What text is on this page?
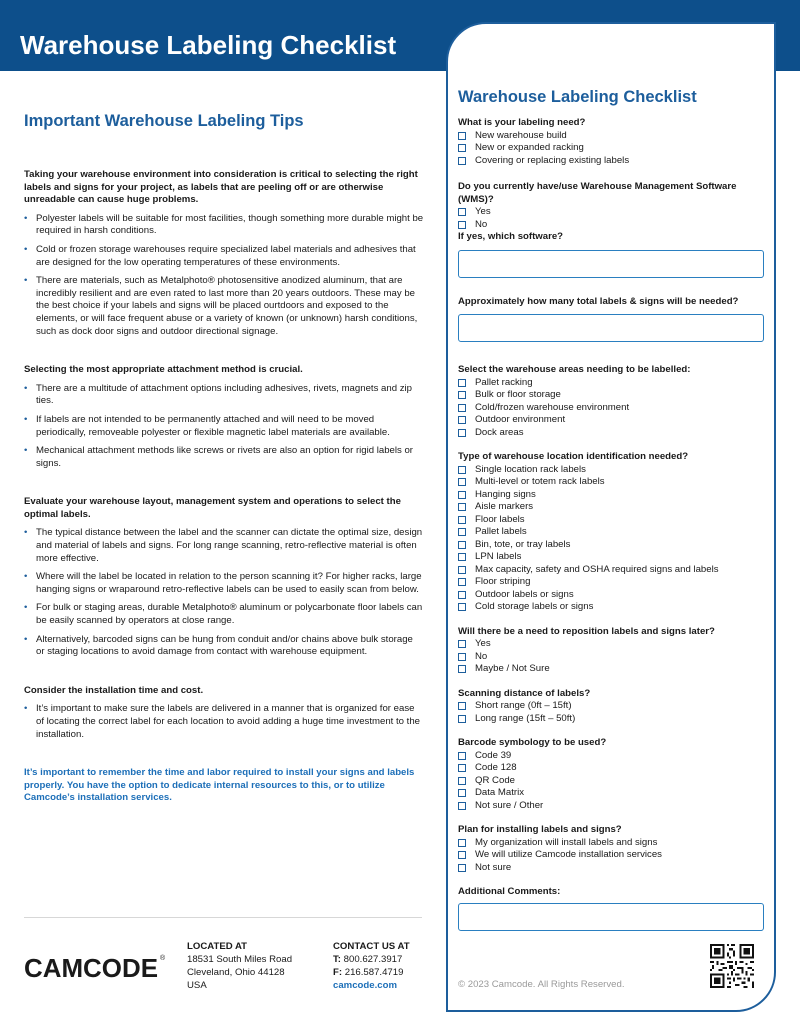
Warehouse Labeling Checklist	Created by: CAMCODE ®
Important Warehouse Labeling Tips
Taking your warehouse environment into consideration is critical to selecting the right labels and signs for your project, as labels that are peeling off or are otherwise unreadable can cause huge problems.
• Polyester labels will be suitable for most facilities, though something more durable might be required in harsh conditions.
• Cold or frozen storage warehouses require specialized label materials and adhesives that are designed for the low operating temperatures of these environments.
• There are materials, such as Metalphoto® photosensitive anodized aluminum, that are incredibly resilient and are even rated to last more than 20 years outdoors. These may be the best choice if your labels and signs will be placed ourtdoors and exposed to the elements, or will face frequent abuse or a variety of known (or unknown) harsh conditions, such as dock door signs and outdoor directional signage.
Selecting the most appropriate attachment method is crucial.
• There are a multitude of attachment options including adhesives, rivets, magnets and zip ties.
• If labels are not intended to be permanently attached and will need to be moved periodically, removeable polyester or flexible magnetic label materials are available.
• Mechanical attachment methods like screws or rivets are also an option for rigid labels or signs.
Evaluate your warehouse layout, management system and operations to select the optimal labels.
• The typical distance between the label and the scanner can dictate the optimal size, design and material of labels and signs. For long range scanning, retro-reflective material is often more effective.
• Where will the label be located in relation to the person scanning it? For higher racks, large hanging signs or wraparound retro-reflective labels can be used to easily scan from below.
• For bulk or staging areas, durable Metalphoto® aluminum or polycarbonate floor labels can be easily scanned by operators at close range.
• Alternatively, barcoded signs can be hung from conduit and/or chains above bulk storage or staging locations to avoid damage from contact with warehouse equipment.
Consider the installation time and cost.
• It’s important to make sure the labels are delivered in a manner that is organized for ease of locating the correct label for each location to avoid adding a huge time investment to the installation.
It’s important to remember the time and labor required to install your signs and labels properly. You have the option to dedicate internal resources to this, or to utilize Camcode’s installation services.
Warehouse Labeling Checklist
What is your labeling need?
New warehouse build
New or expanded racking
Covering or replacing existing labels
Do you currently have/use Warehouse Management Software (WMS)?
Yes
No
If yes, which software?
Approximately how many total labels & signs will be needed?
Select the warehouse areas needing to be labelled:
Pallet racking
Bulk or floor storage
Cold/frozen warehouse environment
Outdoor environment
Dock areas
Type of warehouse location identification needed?
Single location rack labels
Multi-level or totem rack labels
Hanging signs
Aisle markers
Floor labels
Pallet labels
Bin, tote, or tray labels
LPN labels
Max capacity, safety and OSHA required signs and labels
Floor striping
Outdoor labels or signs
Cold storage labels or signs
Will there be a need to reposition labels and signs later?
Yes
No
Maybe / Not Sure
Scanning distance of labels?
Short range (0ft – 15ft)
Long range (15ft – 50ft)
Barcode symbology to be used?
Code 39
Code 128
QR Code
Data Matrix
Not sure / Other
Plan for installing labels and signs?
My organization will install labels and signs
We will utilize Camcode installation services
Not sure
Additional Comments:
CAMCODE ®
LOCATED AT
18531 South Miles Road
Cleveland, Ohio 44128
USA
CONTACT US AT
T: 800.627.3917
F: 216.587.4719
camcode.com	© 2023 Camcode. All Rights Reserved.
